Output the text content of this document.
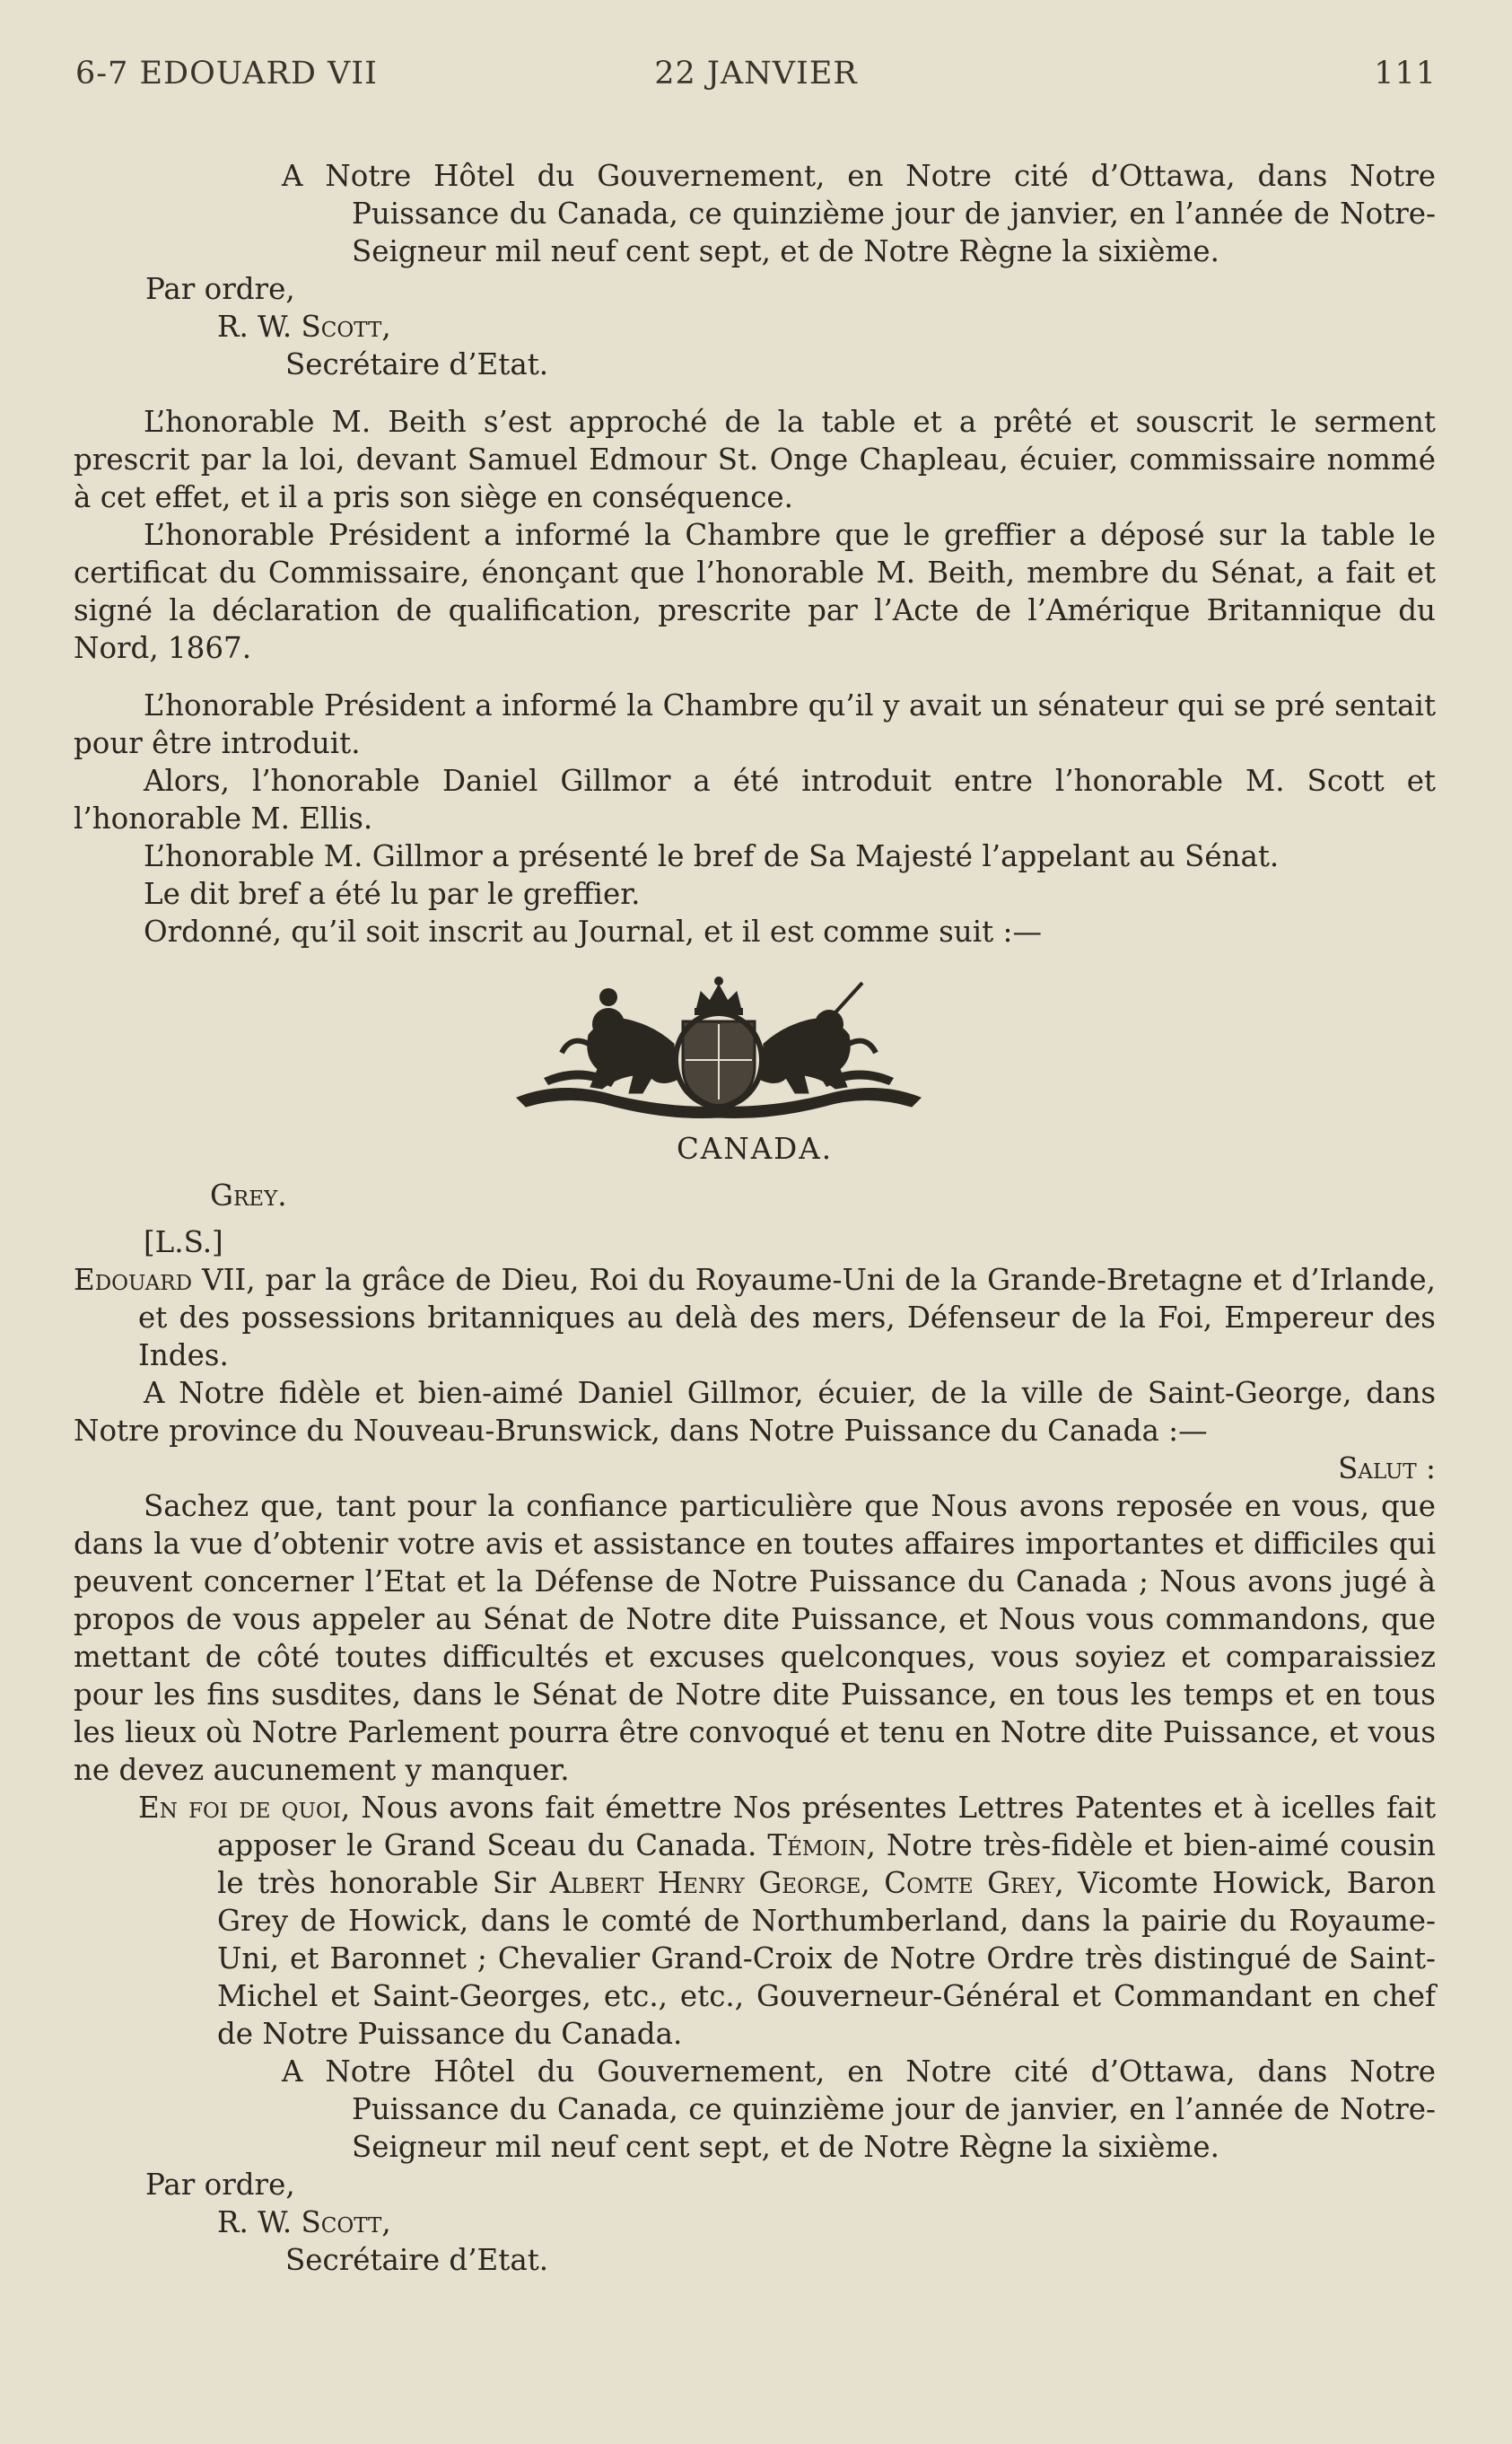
6-7 EDOUARD VII	22 JANVIER	111

A Notre Hôtel du Gouvernement, en Notre cité d’Ottawa, dans Notre Puissance du Canada, ce quinzième jour de janvier, en l’année de Notre-Seigneur mil neuf cent sept, et de Notre Règne la sixième.

Par ordre,
R. W. Scott,
Secrétaire d’Etat.

L’honorable M. Beith s’est approché de la table et a prêté et souscrit le serment prescrit par la loi, devant Samuel Edmour St. Onge Chapleau, écuier, commissaire nommé à cet effet, et il a pris son siège en conséquence.

L’honorable Président a informé la Chambre que le greffier a déposé sur la table le certificat du Commissaire, énonçant que l’honorable M. Beith, membre du Sénat, a fait et signé la déclaration de qualification, prescrite par l’Acte de l’Amérique Britannique du Nord, 1867.

L’honorable Président a informé la Chambre qu’il y avait un sénateur qui se pré sentait pour être introduit.

Alors, l’honorable Daniel Gillmor a été introduit entre l’honorable M. Scott et l’honorable M. Ellis.

L’honorable M. Gillmor a présenté le bref de Sa Majesté l’appelant au Sénat.

Le dit bref a été lu par le greffier.

Ordonné, qu’il soit inscrit au Journal, et il est comme suit :—

CANADA.
Grey.
[L.S.]

Edouard VII, par la grâce de Dieu, Roi du Royaume-Uni de la Grande-Bretagne et d’Irlande, et des possessions britanniques au delà des mers, Défenseur de la Foi, Empereur des Indes.

A Notre fidèle et bien-aimé Daniel Gillmor, écuier, de la ville de Saint-George, dans Notre province du Nouveau-Brunswick, dans Notre Puissance du Canada :—

Salut :

Sachez que, tant pour la confiance particulière que Nous avons reposée en vous, que dans la vue d’obtenir votre avis et assistance en toutes affaires importantes et difficiles qui peuvent concerner l’Etat et la Défense de Notre Puissance du Canada ; Nous avons jugé à propos de vous appeler au Sénat de Notre dite Puissance, et Nous vous commandons, que mettant de côté toutes difficultés et excuses quelconques, vous soyiez et comparaissiez pour les fins susdites, dans le Sénat de Notre dite Puissance, en tous les temps et en tous les lieux où Notre Parlement pourra être convoqué et tenu en Notre dite Puissance, et vous ne devez aucunement y manquer.

En foi de quoi, Nous avons fait émettre Nos présentes Lettres Patentes et à icelles fait apposer le Grand Sceau du Canada. Témoin, Notre très-fidèle et bien-aimé cousin le très honorable Sir Albert Henry George, Comte Grey, Vicomte Howick, Baron Grey de Howick, dans le comté de Northumberland, dans la pairie du Royaume-Uni, et Baronnet ; Chevalier Grand-Croix de Notre Ordre très distingué de Saint-Michel et Saint-Georges, etc., etc., Gouverneur-Général et Commandant en chef de Notre Puissance du Canada.

A Notre Hôtel du Gouvernement, en Notre cité d’Ottawa, dans Notre Puissance du Canada, ce quinzième jour de janvier, en l’année de Notre-Seigneur mil neuf cent sept, et de Notre Règne la sixième.

Par ordre,
R. W. Scott,
Secrétaire d’Etat.
